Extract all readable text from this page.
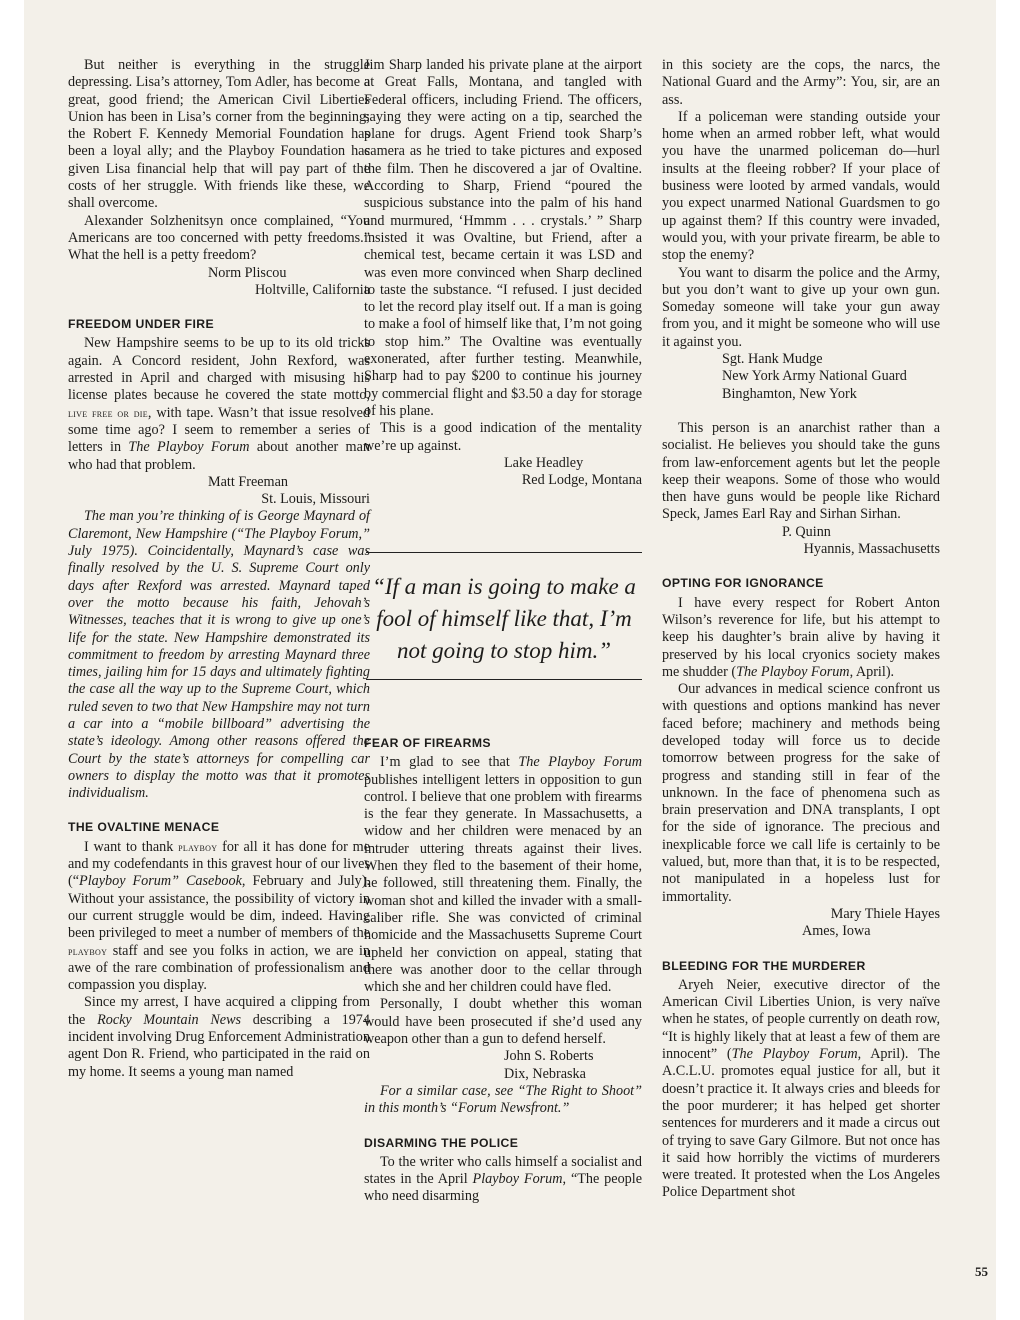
But neither is everything in the struggle depressing. Lisa’s attorney, Tom Adler, has become a great, good friend; the American Civil Liberties Union has been in Lisa’s corner from the beginning; the Robert F. Kennedy Memorial Foundation has been a loyal ally; and the Playboy Foundation has given Lisa financial help that will pay part of the costs of her struggle. With friends like these, we shall overcome.

Alexander Solzhenitsyn once complained, “You Americans are too concerned with petty freedoms.” What the hell is a petty freedom?

Norm Pliscou
Holtville, California
FREEDOM UNDER FIRE

New Hampshire seems to be up to its old tricks again. A Concord resident, John Rexford, was arrested in April and charged with misusing his license plates because he covered the state motto, live free or die, with tape. Wasn’t that issue resolved some time ago? I seem to remember a series of letters in The Playboy Forum about another man who had that problem.

Matt Freeman
St. Louis, Missouri

The man you’re thinking of is George Maynard of Claremont, New Hampshire (“The Playboy Forum,” July 1975). Coincidentally, Maynard’s case was finally resolved by the U. S. Supreme Court only days after Rexford was arrested. Maynard taped over the motto because his faith, Jehovah’s Witnesses, teaches that it is wrong to give up one’s life for the state. New Hampshire demonstrated its commitment to freedom by arresting Maynard three times, jailing him for 15 days and ultimately fighting the case all the way up to the Supreme Court, which ruled seven to two that New Hampshire may not turn a car into a “mobile billboard” advertising the state’s ideology. Among other reasons offered the Court by the state’s attorneys for compelling car owners to display the motto was that it promotes individualism.

THE OVALTINE MENACE

I want to thank playboy for all it has done for me and my codefendants in this gravest hour of our lives (“Playboy Forum” Casebook, February and July). Without your assistance, the possibility of victory in our current struggle would be dim, indeed. Having been privileged to meet a number of members of the playboy staff and see you folks in action, we are in awe of the rare combination of professionalism and compassion you display.

Since my arrest, I have acquired a clipping from the Rocky Mountain News describing a 1974 incident involving Drug Enforcement Administration agent Don R. Friend, who participated in the raid on my home. It seems a young man named

Jim Sharp landed his private plane at the airport at Great Falls, Montana, and tangled with Federal officers, including Friend. The officers, saying they were acting on a tip, searched the plane for drugs. Agent Friend took Sharp’s camera as he tried to take pictures and exposed the film. Then he discovered a jar of Ovaltine. According to Sharp, Friend “poured the suspicious substance into the palm of his hand and murmured, ‘Hmmm . . . crystals.’ ” Sharp insisted it was Ovaltine, but Friend, after a chemical test, became certain it was LSD and was even more convinced when Sharp declined to taste the substance. “I refused. I just decided to let the record play itself out. If a man is going to make a fool of himself like that, I’m not going to stop him.” The Ovaltine was eventually exonerated, after further testing. Meanwhile, Sharp had to pay $200 to continue his journey by commercial flight and $3.50 a day for storage of his plane.

This is a good indication of the mentality we’re up against.

Lake Headley
Red Lodge, Montana
“If a man is going to make a fool of himself like that, I’m not going to stop him.”
FEAR OF FIREARMS

I’m glad to see that The Playboy Forum publishes intelligent letters in opposition to gun control. I believe that one problem with firearms is the fear they generate. In Massachusetts, a widow and her children were menaced by an intruder uttering threats against their lives. When they fled to the basement of their home, he followed, still threatening them. Finally, the woman shot and killed the invader with a small-caliber rifle. She was convicted of criminal homicide and the Massachusetts Supreme Court upheld her conviction on appeal, stating that there was another door to the cellar through which she and her children could have fled.

Personally, I doubt whether this woman would have been prosecuted if she’d used any weapon other than a gun to defend herself.

John S. Roberts
Dix, Nebraska

For a similar case, see “The Right to Shoot” in this month’s “Forum Newsfront.”

DISARMING THE POLICE

To the writer who calls himself a socialist and states in the April Playboy Forum, “The people who need disarming

in this society are the cops, the narcs, the National Guard and the Army”: You, sir, are an ass.

If a policeman were standing outside your home when an armed robber left, what would you have the unarmed policeman do—hurl insults at the fleeing robber? If your place of business were looted by armed vandals, would you expect unarmed National Guardsmen to go up against them? If this country were invaded, would you, with your private firearm, be able to stop the enemy?

You want to disarm the police and the Army, but you don’t want to give up your own gun. Someday someone will take your gun away from you, and it might be someone who will use it against you.

Sgt. Hank Mudge
New York Army National Guard
Binghamton, New York

This person is an anarchist rather than a socialist. He believes you should take the guns from law-enforcement agents but let the people keep their weapons. Some of those who would then have guns would be people like Richard Speck, James Earl Ray and Sirhan Sirhan.

P. Quinn
Hyannis, Massachusetts
OPTING FOR IGNORANCE

I have every respect for Robert Anton Wilson’s reverence for life, but his attempt to keep his daughter’s brain alive by having it preserved by his local cryonics society makes me shudder (The Playboy Forum, April).

Our advances in medical science confront us with questions and options mankind has never faced before; machinery and methods being developed today will force us to decide tomorrow between progress for the sake of progress and standing still in fear of the unknown. In the face of phenomena such as brain preservation and DNA transplants, I opt for the side of ignorance. The precious and inexplicable force we call life is certainly to be valued, but, more than that, it is to be respected, not manipulated in a hopeless lust for immortality.

Mary Thiele Hayes
Ames, Iowa
BLEEDING FOR THE MURDERER

Aryeh Neier, executive director of the American Civil Liberties Union, is very naïve when he states, of people currently on death row, “It is highly likely that at least a few of them are innocent” (The Playboy Forum, April). The A.C.L.U. promotes equal justice for all, but it doesn’t practice it. It always cries and bleeds for the poor murderer; it has helped get shorter sentences for murderers and it made a circus out of trying to save Gary Gilmore. But not once has it said how horribly the victims of murderers were treated. It protested when the Los Angeles Police Department shot

55
